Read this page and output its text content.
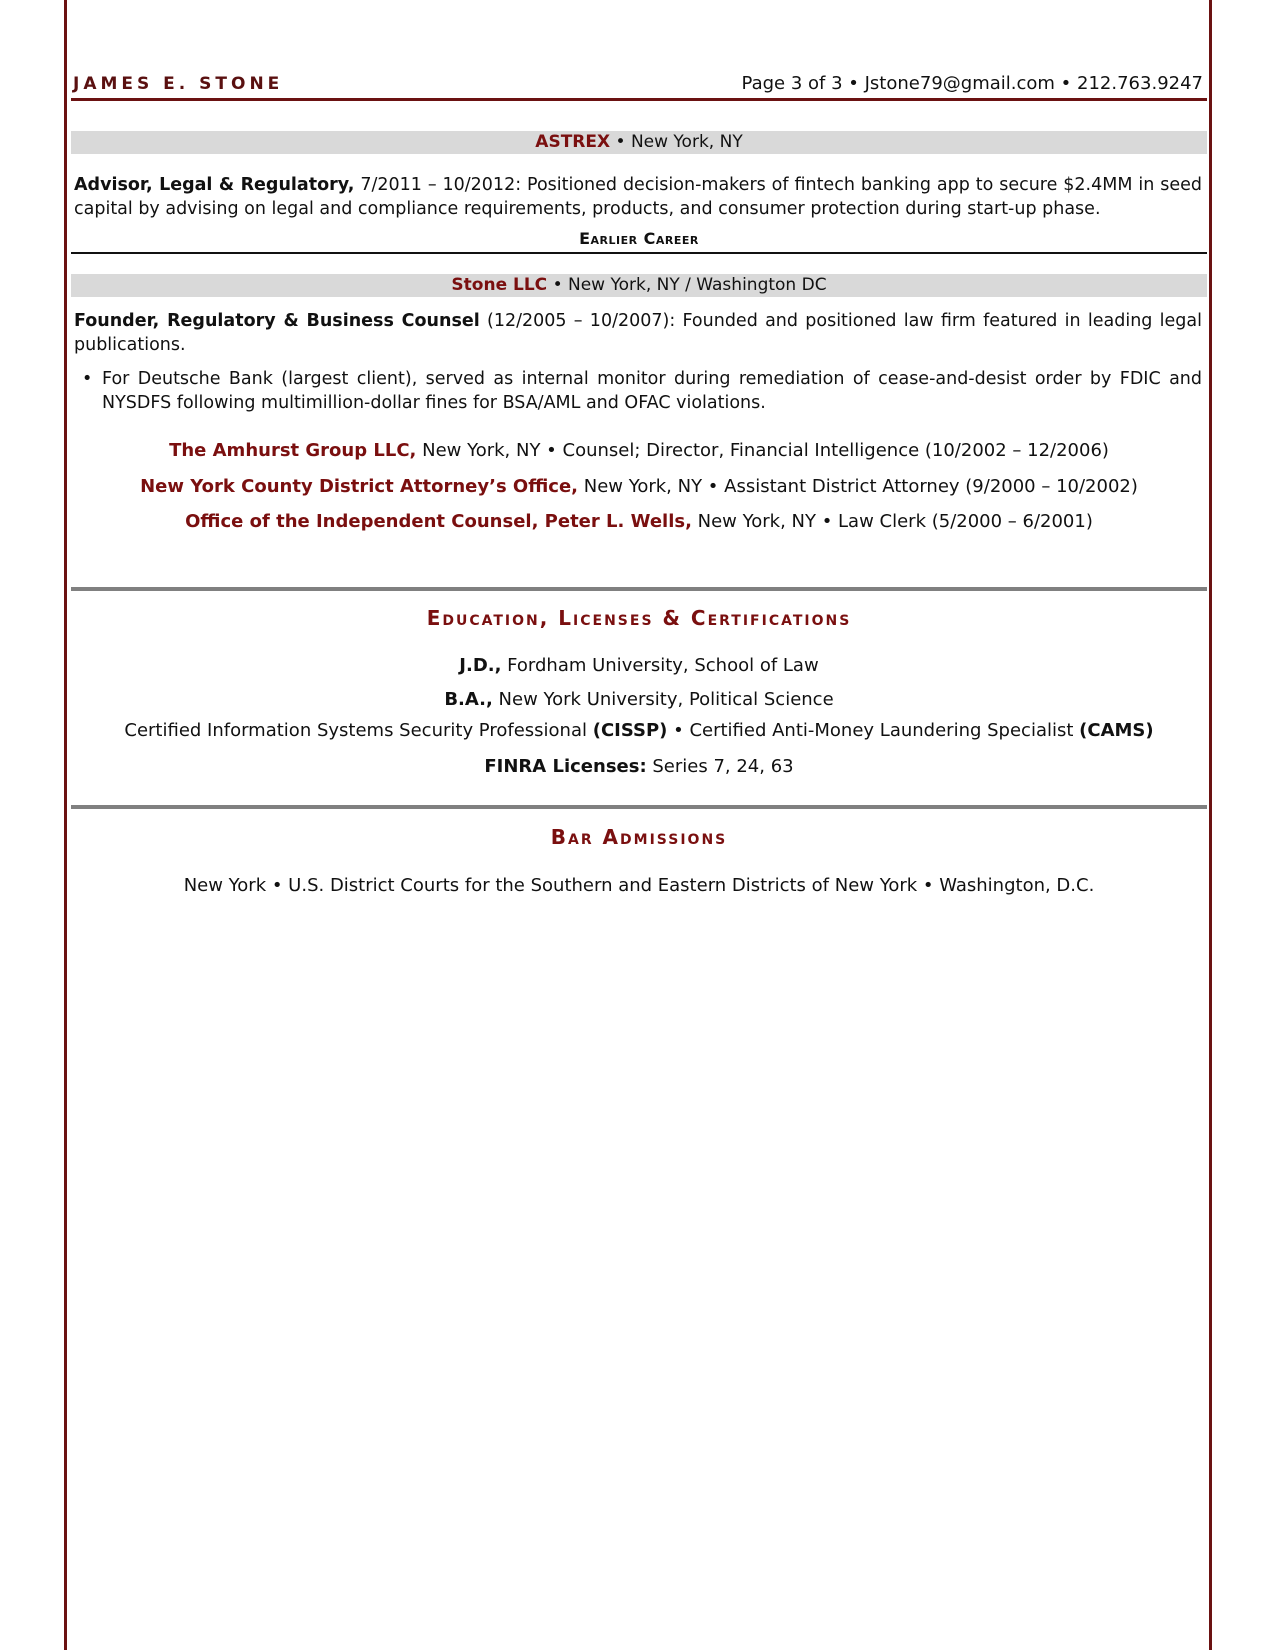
JAMES E. STONE	Page 3 of 3 • Jstone79@gmail.com • 212.763.9247
ASTREX • New York, NY
Advisor, Legal & Regulatory, 7/2011 – 10/2012: Positioned decision-makers of fintech banking app to secure $2.4MM in seed capital by advising on legal and compliance requirements, products, and consumer protection during start-up phase.
Earlier Career
Stone LLC • New York, NY / Washington DC
Founder, Regulatory & Business Counsel (12/2005 – 10/2007): Founded and positioned law firm featured in leading legal publications.
• For Deutsche Bank (largest client), served as internal monitor during remediation of cease-and-desist order by FDIC and NYSDFS following multimillion-dollar fines for BSA/AML and OFAC violations.
The Amhurst Group LLC, New York, NY • Counsel; Director, Financial Intelligence (10/2002 – 12/2006)
New York County District Attorney’s Office, New York, NY • Assistant District Attorney (9/2000 – 10/2002)
Office of the Independent Counsel, Peter L. Wells, New York, NY • Law Clerk (5/2000 – 6/2001)
Education, Licenses & Certifications
J.D., Fordham University, School of Law
B.A., New York University, Political Science
Certified Information Systems Security Professional (CISSP) • Certified Anti-Money Laundering Specialist (CAMS)
FINRA Licenses: Series 7, 24, 63
Bar Admissions
New York • U.S. District Courts for the Southern and Eastern Districts of New York • Washington, D.C.
